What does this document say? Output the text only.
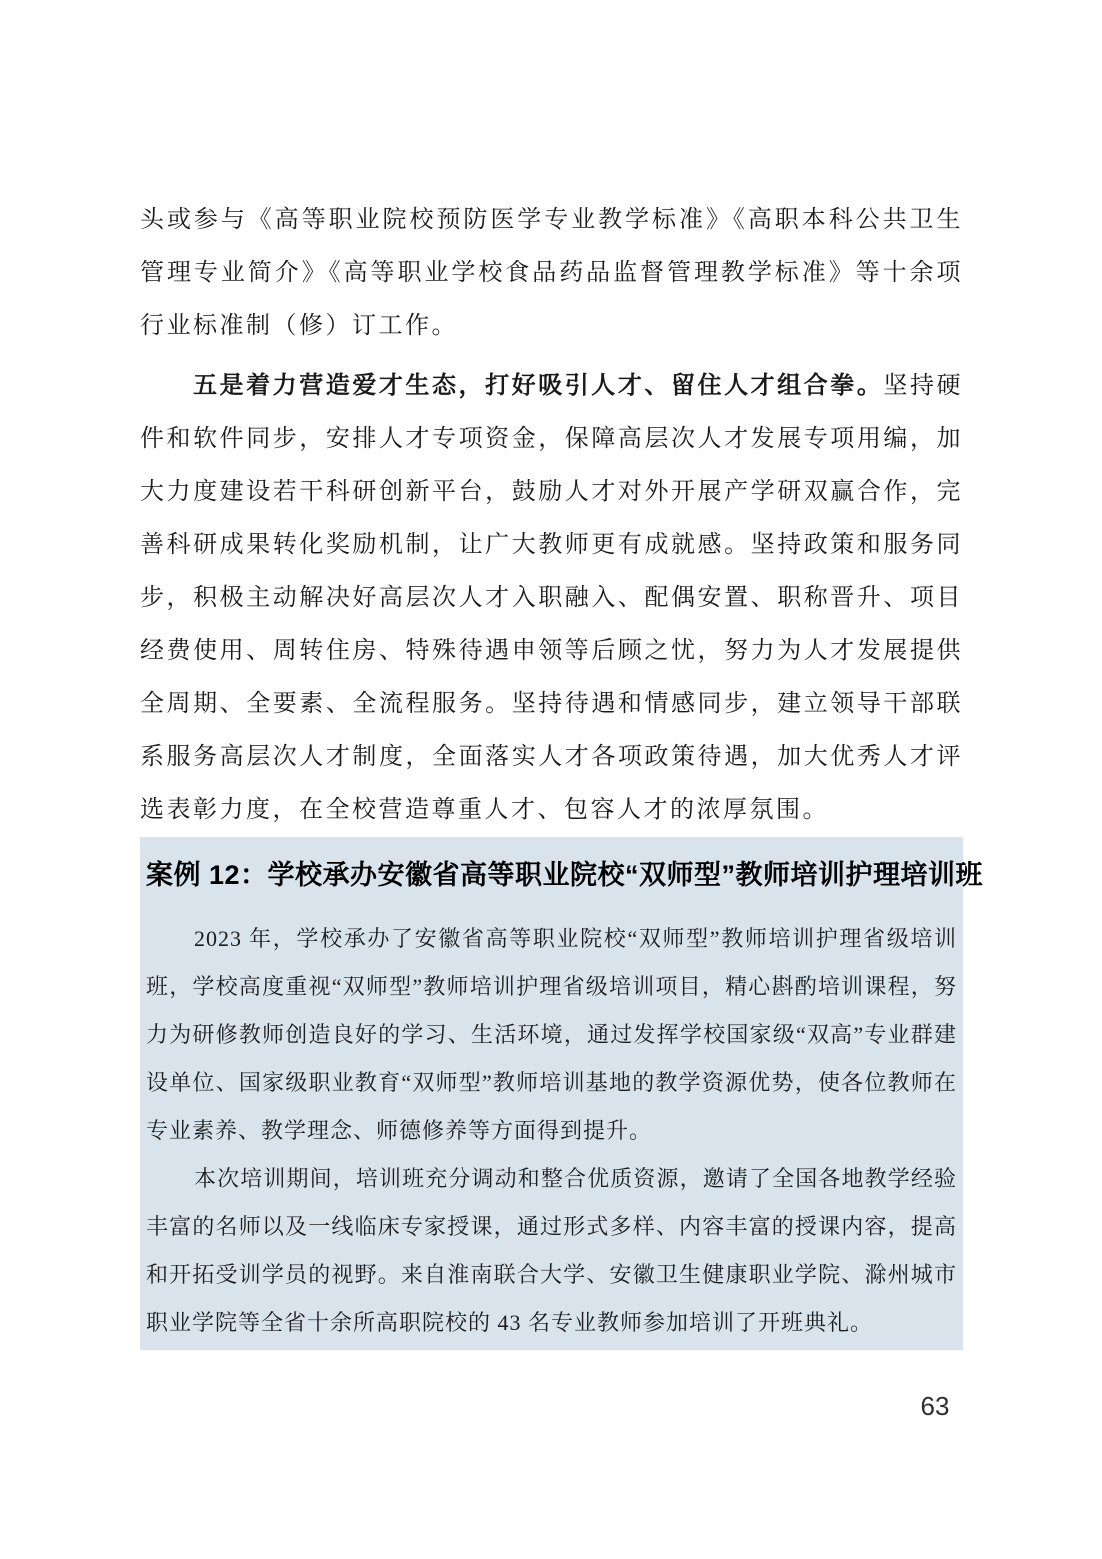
头或参与《高等职业院校预防医学专业教学标准》《高职本科公共卫生管理专业简介》《高等职业学校食品药品监督管理教学标准》等十余项行业标准制（修）订工作。

五是着力营造爱才生态，打好吸引人才、留住人才组合拳。坚持硬件和软件同步，安排人才专项资金，保障高层次人才发展专项用编，加大力度建设若干科研创新平台，鼓励人才对外开展产学研双赢合作，完善科研成果转化奖励机制，让广大教师更有成就感。坚持政策和服务同步，积极主动解决好高层次人才入职融入、配偶安置、职称晋升、项目经费使用、周转住房、特殊待遇申领等后顾之忧，努力为人才发展提供全周期、全要素、全流程服务。坚持待遇和情感同步，建立领导干部联系服务高层次人才制度，全面落实人才各项政策待遇，加大优秀人才评选表彰力度，在全校营造尊重人才、包容人才的浓厚氛围。

案例 12：学校承办安徽省高等职业院校“双师型”教师培训护理培训班

2023 年，学校承办了安徽省高等职业院校“双师型”教师培训护理省级培训班，学校高度重视“双师型”教师培训护理省级培训项目，精心斟酌培训课程，努力为研修教师创造良好的学习、生活环境，通过发挥学校国家级“双高”专业群建设单位、国家级职业教育“双师型”教师培训基地的教学资源优势，使各位教师在专业素养、教学理念、师德修养等方面得到提升。

本次培训期间，培训班充分调动和整合优质资源，邀请了全国各地教学经验丰富的名师以及一线临床专家授课，通过形式多样、内容丰富的授课内容，提高和开拓受训学员的视野。来自淮南联合大学、安徽卫生健康职业学院、滁州城市职业学院等全省十余所高职院校的 43 名专业教师参加培训了开班典礼。

63
